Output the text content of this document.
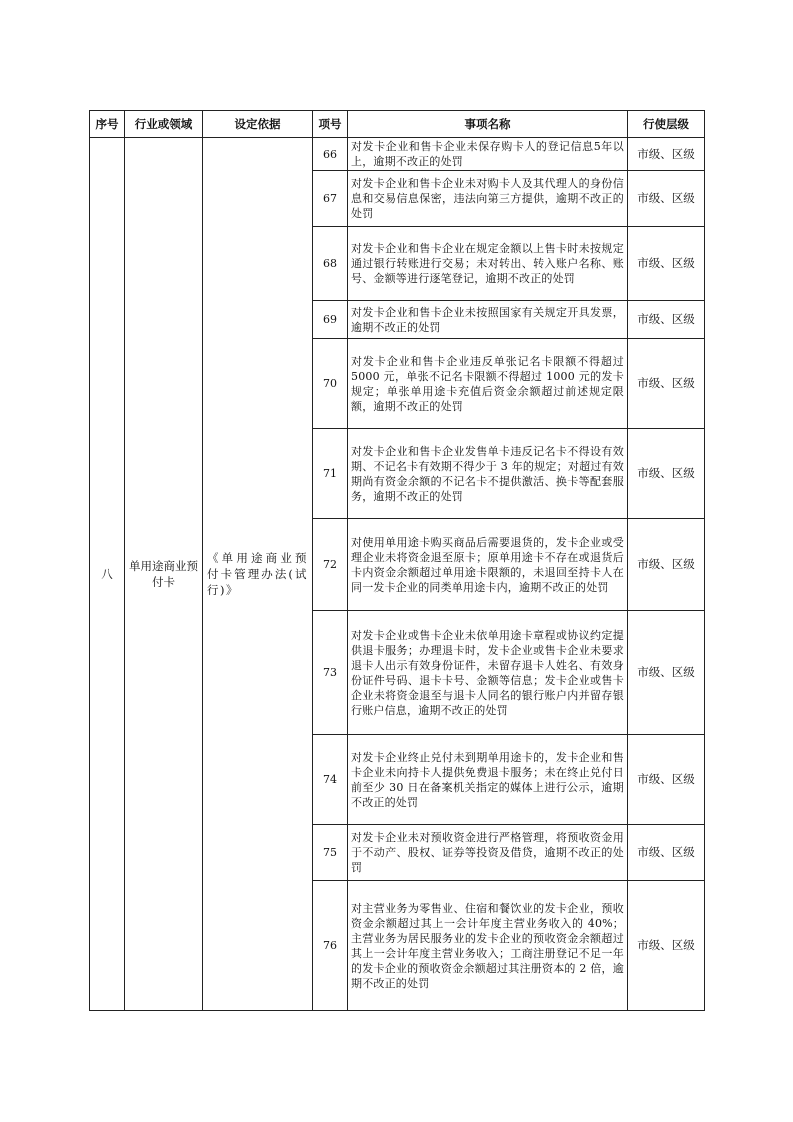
序号	行业或领域	设定依据	项号	事项名称	行使层级
八	单用途商业预付卡	《单用途商业预付卡管理办法(试行)》	66	对发卡企业和售卡企业未保存购卡人的登记信息5年以上，逾期不改正的处罚	市级、区级
			67	对发卡企业和售卡企业未对购卡人及其代理人的身份信息和交易信息保密，违法向第三方提供，逾期不改正的处罚	市级、区级
			68	对发卡企业和售卡企业在规定金额以上售卡时未按规定通过银行转账进行交易；未对转出、转入账户名称、账号、金额等进行逐笔登记，逾期不改正的处罚	市级、区级
			69	对发卡企业和售卡企业未按照国家有关规定开具发票，逾期不改正的处罚	市级、区级
			70	对发卡企业和售卡企业违反单张记名卡限额不得超过 5000 元，单张不记名卡限额不得超过 1000 元的发卡规定；单张单用途卡充值后资金余额超过前述规定限额，逾期不改正的处罚	市级、区级
			71	对发卡企业和售卡企业发售单卡违反记名卡不得设有效期、不记名卡有效期不得少于 3 年的规定；对超过有效期尚有资金余额的不记名卡不提供激活、换卡等配套服务，逾期不改正的处罚	市级、区级
			72	对使用单用途卡购买商品后需要退货的，发卡企业或受理企业未将资金退至原卡；原单用途卡不存在或退货后卡内资金余额超过单用途卡限额的，未退回至持卡人在同一发卡企业的同类单用途卡内，逾期不改正的处罚	市级、区级
			73	对发卡企业或售卡企业未依单用途卡章程或协议约定提供退卡服务；办理退卡时，发卡企业或售卡企业未要求退卡人出示有效身份证件，未留存退卡人姓名、有效身份证件号码、退卡卡号、金额等信息；发卡企业或售卡企业未将资金退至与退卡人同名的银行账户内并留存银行账户信息，逾期不改正的处罚	市级、区级
			74	对发卡企业终止兑付未到期单用途卡的，发卡企业和售卡企业未向持卡人提供免费退卡服务；未在终止兑付日前至少 30 日在备案机关指定的媒体上进行公示，逾期不改正的处罚	市级、区级
			75	对发卡企业未对预收资金进行严格管理，将预收资金用于不动产、股权、证券等投资及借贷，逾期不改正的处罚	市级、区级
			76	对主营业务为零售业、住宿和餐饮业的发卡企业，预收资金余额超过其上一会计年度主营业务收入的 40%；主营业务为居民服务业的发卡企业的预收资金余额超过其上一会计年度主营业务收入；工商注册登记不足一年的发卡企业的预收资金余额超过其注册资本的 2 倍，逾期不改正的处罚	市级、区级
